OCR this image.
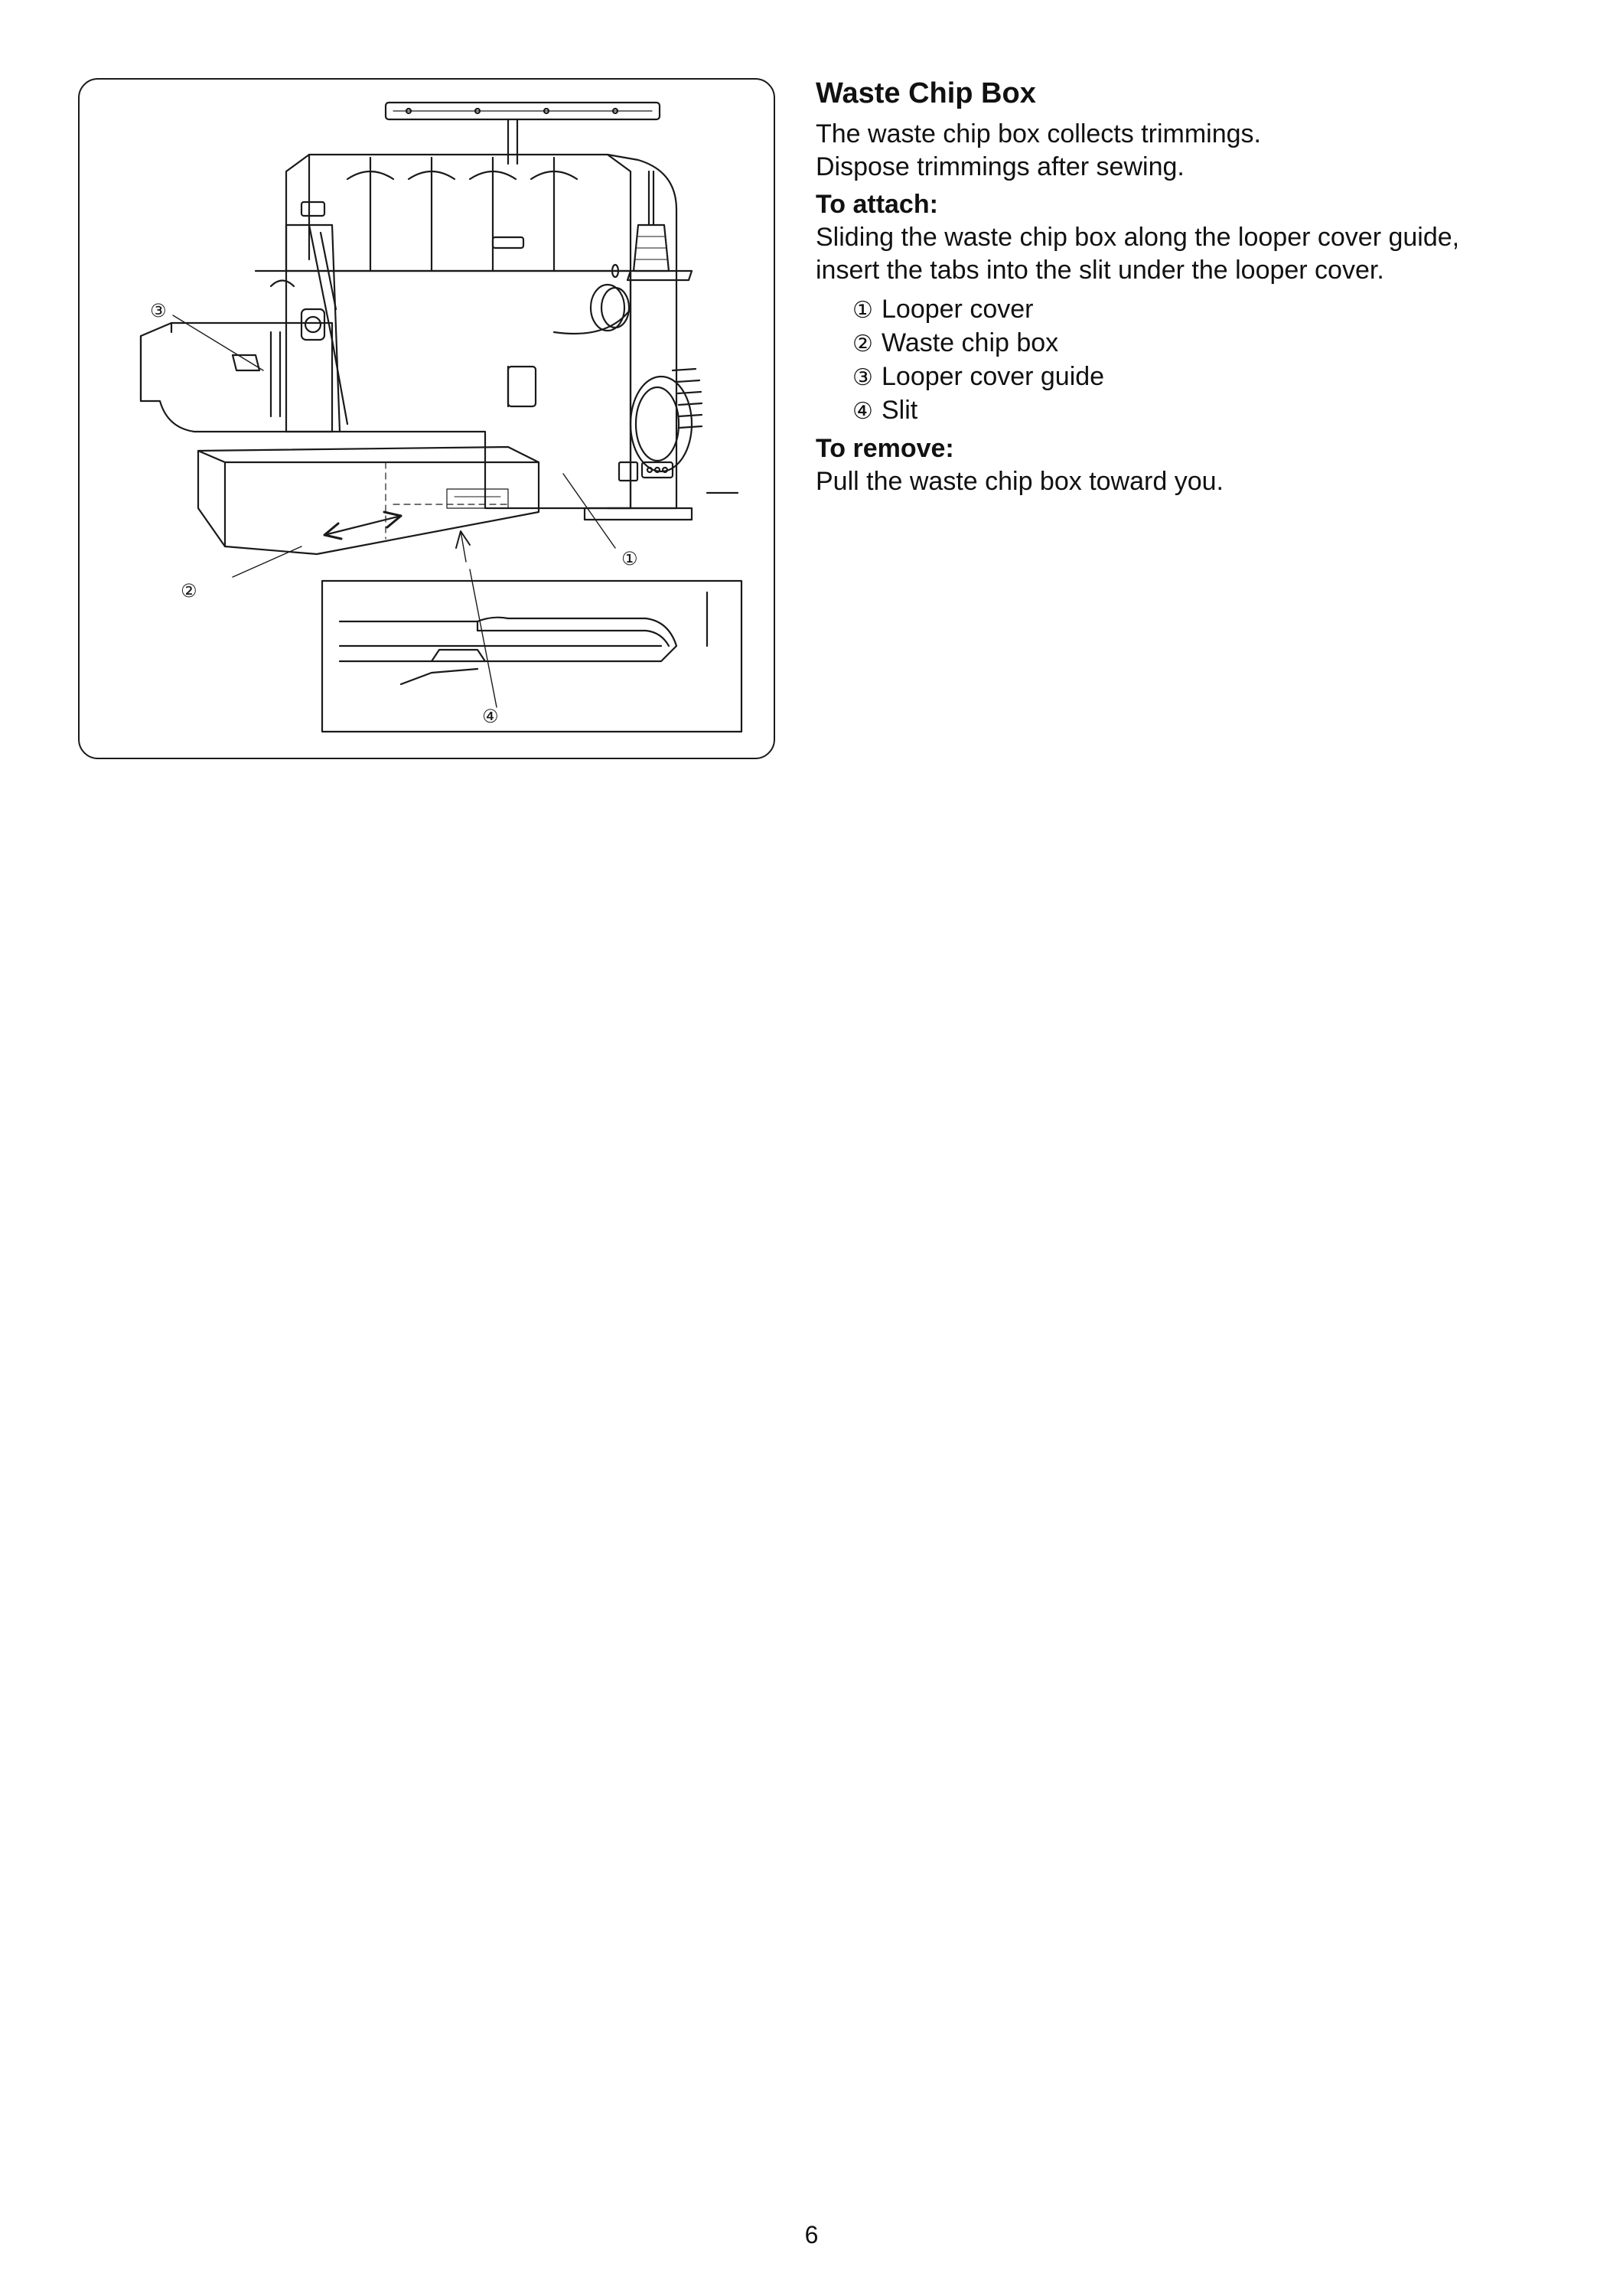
③
②
①
④
Waste Chip Box

The waste chip box collects trimmings.

Dispose trimmings after sewing.

To attach:

Sliding the waste chip box along the looper cover guide,

insert the tabs into the slit under the looper cover.

① Looper cover
② Waste chip box
③ Looper cover guide
④ Slit

To remove:

Pull the waste chip box toward you.

6
